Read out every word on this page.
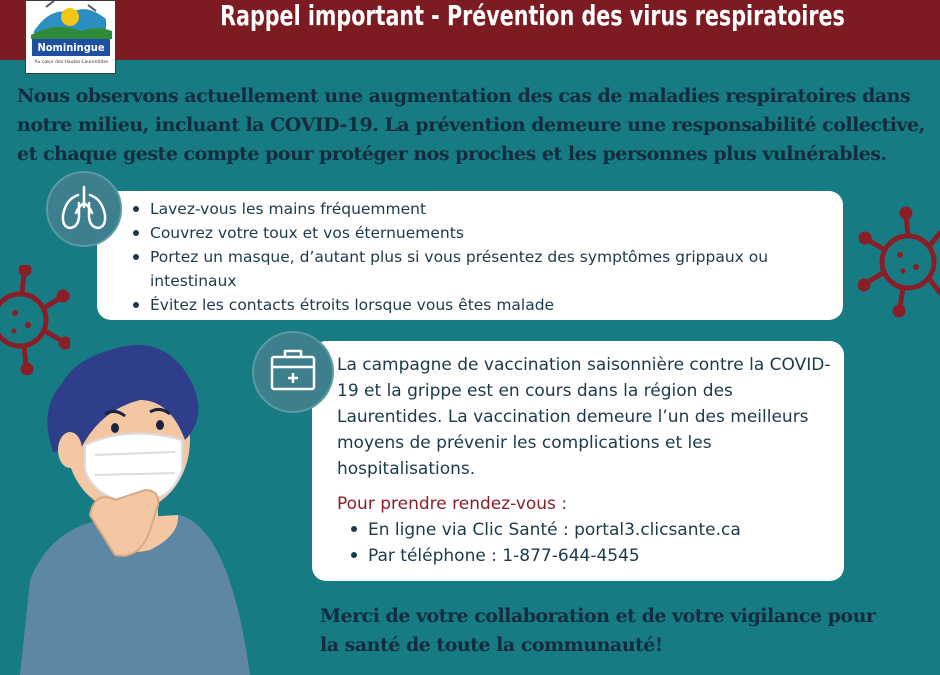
Rappel important - Prévention des virus respiratoires
Nominingue
Au cœur des Hautes-Laurentides
Nous observons actuellement une augmentation des cas de maladies respiratoires dans notre milieu, incluant la COVID-19. La prévention demeure une responsabilité collective, et chaque geste compte pour protéger nos proches et les personnes plus vulnérables.
Lavez-vous les mains fréquemment
Couvrez votre toux et vos éternuements
Portez un masque, d’autant plus si vous présentez des symptômes grippaux ou intestinaux
Évitez les contacts étroits lorsque vous êtes malade
La campagne de vaccination saisonnière contre la COVID-19 et la grippe est en cours dans la région des Laurentides. La vaccination demeure l’un des meilleurs moyens de prévenir les complications et les hospitalisations.
Pour prendre rendez-vous :
En ligne via Clic Santé : portal3.clicsante.ca
Par téléphone : 1-877-644-4545
Merci de votre collaboration et de votre vigilance pour la santé de toute la communauté!
